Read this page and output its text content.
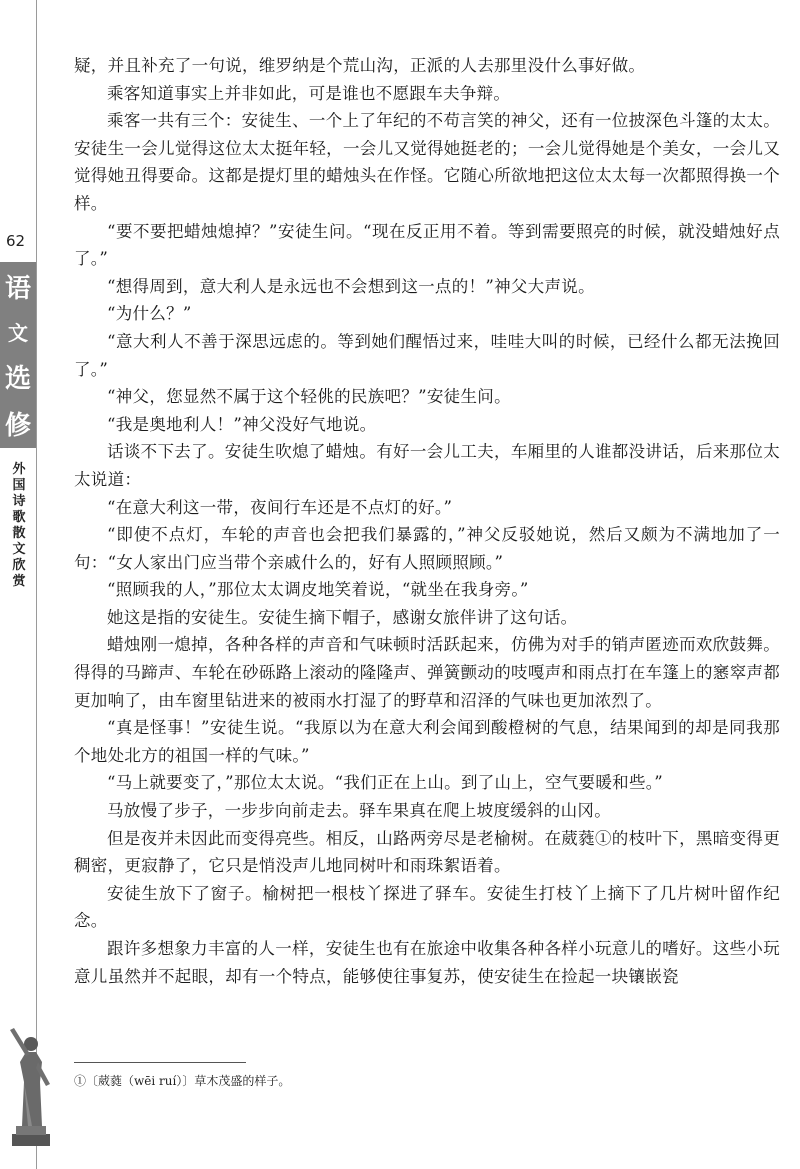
62
语
文
选
修
外国诗歌散文欣赏

疑，并且补充了一句说，维罗纳是个荒山沟，正派的人去那里没什么事好做。

乘客知道事实上并非如此，可是谁也不愿跟车夫争辩。

乘客一共有三个：安徒生、一个上了年纪的不苟言笑的神父，还有一位披深色斗篷的太太。安徒生一会儿觉得这位太太挺年轻，一会儿又觉得她挺老的；一会儿觉得她是个美女，一会儿又觉得她丑得要命。这都是提灯里的蜡烛头在作怪。它随心所欲地把这位太太每一次都照得换一个样。

“要不要把蜡烛熄掉？”安徒生问。“现在反正用不着。等到需要照亮的时候，就没蜡烛好点了。”

“想得周到，意大利人是永远也不会想到这一点的！”神父大声说。

“为什么？”

“意大利人不善于深思远虑的。等到她们醒悟过来，哇哇大叫的时候，已经什么都无法挽回了。”

“神父，您显然不属于这个轻佻的民族吧？”安徒生问。

“我是奥地利人！”神父没好气地说。

话谈不下去了。安徒生吹熄了蜡烛。有好一会儿工夫，车厢里的人谁都没讲话，后来那位太太说道：

“在意大利这一带，夜间行车还是不点灯的好。”

“即使不点灯，车轮的声音也会把我们暴露的，”神父反驳她说，然后又颇为不满地加了一句：“女人家出门应当带个亲戚什么的，好有人照顾照顾。”

“照顾我的人，”那位太太调皮地笑着说，“就坐在我身旁。”

她这是指的安徒生。安徒生摘下帽子，感谢女旅伴讲了这句话。

蜡烛刚一熄掉，各种各样的声音和气味顿时活跃起来，仿佛为对手的销声匿迹而欢欣鼓舞。得得的马蹄声、车轮在砂砾路上滚动的隆隆声、弹簧颤动的吱嘎声和雨点打在车篷上的窸窣声都更加响了，由车窗里钻进来的被雨水打湿了的野草和沼泽的气味也更加浓烈了。

“真是怪事！”安徒生说。“我原以为在意大利会闻到酸橙树的气息，结果闻到的却是同我那个地处北方的祖国一样的气味。”

“马上就要变了，”那位太太说。“我们正在上山。到了山上，空气要暖和些。”

马放慢了步子，一步步向前走去。驿车果真在爬上坡度缓斜的山冈。

但是夜并未因此而变得亮些。相反，山路两旁尽是老榆树。在葳蕤①的枝叶下，黑暗变得更稠密，更寂静了，它只是悄没声儿地同树叶和雨珠絮语着。

安徒生放下了窗子。榆树把一根枝丫探进了驿车。安徒生打枝丫上摘下了几片树叶留作纪念。

跟许多想象力丰富的人一样，安徒生也有在旅途中收集各种各样小玩意儿的嗜好。这些小玩意儿虽然并不起眼，却有一个特点，能够使往事复苏，使安徒生在捡起一块镶嵌瓷

①〔葳蕤（wēi ruí）〕草木茂盛的样子。
